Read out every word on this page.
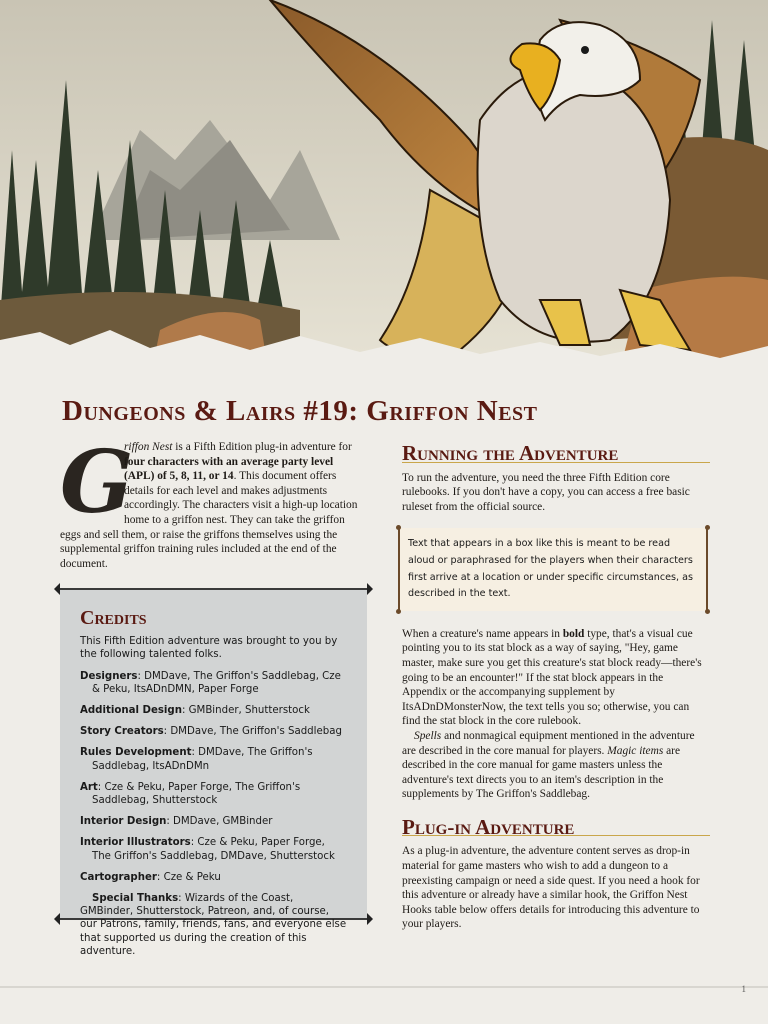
Dungeons & Lairs #19: Griffon Nest
G

riffon Nest is a Fifth Edition plug-in adventure for four characters with an average party level (APL) of 5, 8, 11, or 14. This document offers details for each level and makes adjustments accordingly. The characters visit a high-up location home to a griffon nest. They can take the griffon eggs and sell them, or raise the griffons themselves using the supplemental griffon training rules included at the end of the document.

Credits

This Fifth Edition adventure was brought to you by the following talented folks.

Designers: DMDave, The Griffon's Saddlebag, Cze & Peku, ItsADnDMN, Paper Forge

Additional Design: GMBinder, Shutterstock

Story Creators: DMDave, The Griffon's Saddlebag

Rules Development: DMDave, The Griffon's Saddlebag, ItsADnDMn

Art: Cze & Peku, Paper Forge, The Griffon's Saddlebag, Shutterstock

Interior Design: DMDave, GMBinder

Interior Illustrators: Cze & Peku, Paper Forge, The Griffon's Saddlebag, DMDave, Shutterstock

Cartographer: Cze & Peku

Special Thanks: Wizards of the Coast, GMBinder, Shutterstock, Patreon, and, of course, our Patrons, family, friends, fans, and everyone else that supported us during the creation of this adventure.

Running the Adventure

To run the adventure, you need the three Fifth Edition core rulebooks. If you don't have a copy, you can access a free basic ruleset from the official source.

Text that appears in a box like this is meant to be read aloud or paraphrased for the players when their characters first arrive at a location or under specific circumstances, as described in the text.

When a creature's name appears in bold type, that's a visual cue pointing you to its stat block as a way of saying, "Hey, game master, make sure you get this creature's stat block ready—there's going to be an encounter!" If the stat block appears in the Appendix or the accompanying supplement by ItsADnDMonsterNow, the text tells you so; otherwise, you can find the stat block in the core rulebook.

Spells and nonmagical equipment mentioned in the adventure are described in the core manual for players. Magic items are described in the core manual for game masters unless the adventure's text directs you to an item's description in the supplements by The Griffon's Saddlebag.

Plug-in Adventure

As a plug-in adventure, the adventure content serves as drop-in material for game masters who wish to add a dungeon to a preexisting campaign or need a side quest. If you need a hook for this adventure or already have a similar hook, the Griffon Nest Hooks table below offers details for introducing this adventure to your players.

1
